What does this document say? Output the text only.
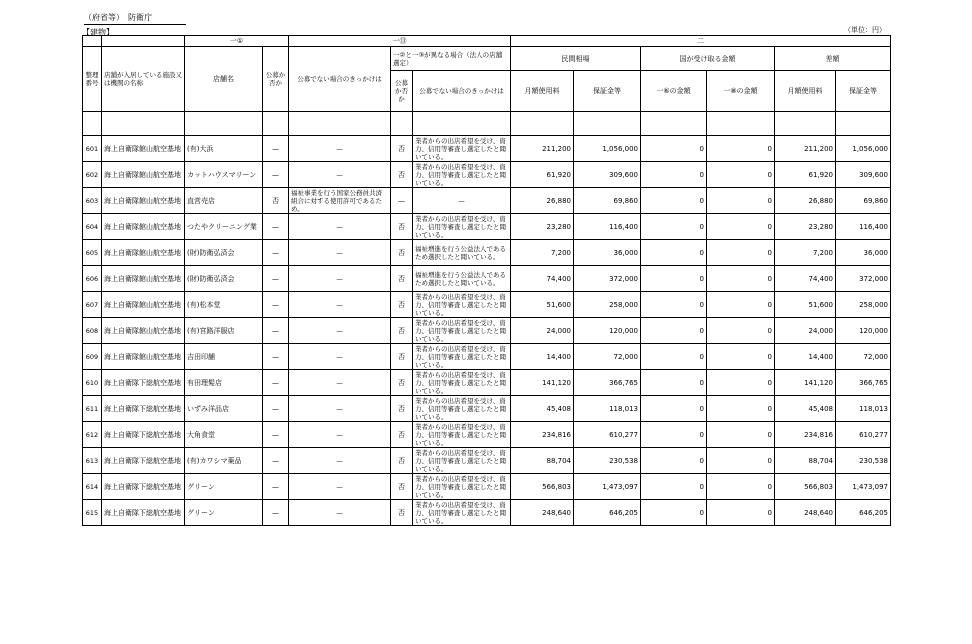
（府省等）　防衛庁
【建物】	（単位：円）
		一①		一⑬			二					
整理番号	店舗が入居している施設又は機関の名称	店舗名	公募か否か	公募でない場合のきっかけは	一②と一③が異なる場合（法人の店舗選定）		民間相場		国が受け取る金額		差額	
					公募か否か	公募でない場合のきっかけは	月額使用料	保証金等	一⑥の金額	一⑧の金額	月額使用料	保証金等

601	海上自衛隊館山航空基地	(有)大浜	—	—	否	業者からの出店希望を受け、資力、信用等審査し選定したと聞いている。	211,200	1,056,000	0	0	211,200	1,056,000
602	海上自衛隊館山航空基地	カットハウスマリーン	—	—	否	業者からの出店希望を受け、資力、信用等審査し選定したと聞いている。	61,920	309,600	0	0	61,920	309,600
603	海上自衛隊館山航空基地	直営売店	否	福祉事業を行う国家公務員共済組合に対する使用許可であるため。	—	—	26,880	69,860	0	0	26,880	69,860
604	海上自衛隊館山航空基地	つたやクリーニング業	—	—	否	業者からの出店希望を受け、資力、信用等審査し選定したと聞いている。	23,280	116,400	0	0	23,280	116,400
605	海上自衛隊館山航空基地	(財)防衛弘済会	—	—	否	福祉増進を行う公益法人であるため選択したと聞いている。	7,200	36,000	0	0	7,200	36,000
606	海上自衛隊館山航空基地	(財)防衛弘済会	—	—	否	福祉増進を行う公益法人であるため選択したと聞いている。	74,400	372,000	0	0	74,400	372,000
607	海上自衛隊館山航空基地	(有)松本堂	—	—	否	業者からの出店希望を受け、資力、信用等審査し選定したと聞いている。	51,600	258,000	0	0	51,600	258,000
608	海上自衛隊館山航空基地	(有)宮路洋服店	—	—	否	業者からの出店希望を受け、資力、信用等審査し選定したと聞いている。	24,000	120,000	0	0	24,000	120,000
609	海上自衛隊館山航空基地	吉田印舗	—	—	否	業者からの出店希望を受け、資力、信用等審査し選定したと聞いている。	14,400	72,000	0	0	14,400	72,000
610	海上自衛隊下総航空基地	有田理髪店	—	—	否	業者からの出店希望を受け、資力、信用等審査し選定したと聞いている。	141,120	366,765	0	0	141,120	366,765
611	海上自衛隊下総航空基地	いずみ洋品店	—	—	否	業者からの出店希望を受け、資力、信用等審査し選定したと聞いている。	45,408	118,013	0	0	45,408	118,013
612	海上自衛隊下総航空基地	大角食堂	—	—	否	業者からの出店希望を受け、資力、信用等審査し選定したと聞いている。	234,816	610,277	0	0	234,816	610,277
613	海上自衛隊下総航空基地	(有)カワシマ薬品	—	—	否	業者からの出店希望を受け、資力、信用等審査し選定したと聞いている。	88,704	230,538	0	0	88,704	230,538
614	海上自衛隊下総航空基地	グリーン	—	—	否	業者からの出店希望を受け、資力、信用等審査し選定したと聞いている。	566,803	1,473,097	0	0	566,803	1,473,097
615	海上自衛隊下総航空基地	グリーン	—	—	否	業者からの出店希望を受け、資力、信用等審査し選定したと聞いている。	248,640	646,205	0	0	248,640	646,205
